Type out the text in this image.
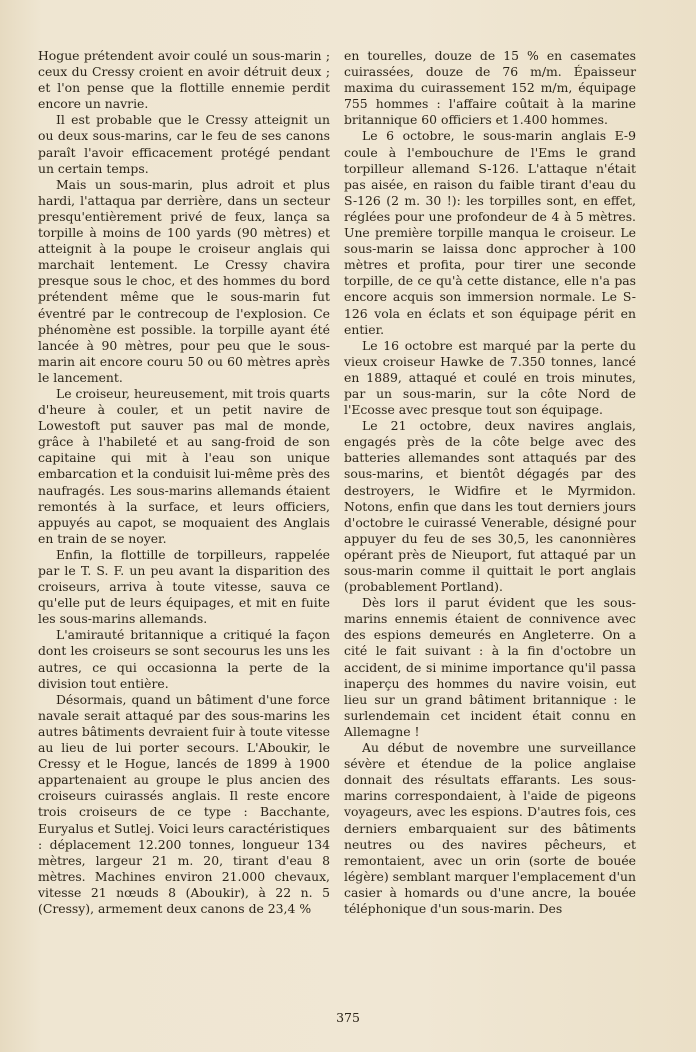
Hogue prétendent avoir coulé un sous-marin ; ceux du Cressy croient en avoir détruit deux ; et l'on pense que la flottille ennemie perdit encore un navrie.

Il est probable que le Cressy atteignit un ou deux sous-marins, car le feu de ses canons paraît l'avoir efficacement protégé pendant un certain temps.

Mais un sous-marin, plus adroit et plus hardi, l'attaqua par derrière, dans un secteur presqu'entièrement privé de feux, lança sa torpille à moins de 100 yards (90 mètres) et atteignit à la poupe le croiseur anglais qui marchait lentement. Le Cressy chavira presque sous le choc, et des hommes du bord prétendent même que le sous-marin fut éventré par le contrecoup de l'explosion. Ce phénomène est possible. la torpille ayant été lancée à 90 mètres, pour peu que le sous-marin ait encore couru 50 ou 60 mètres après le lancement.

Le croiseur, heureusement, mit trois quarts d'heure à couler, et un petit navire de Lowestoft put sauver pas mal de monde, grâce à l'habileté et au sang-froid de son capitaine qui mit à l'eau son unique embarcation et la conduisit lui-même près des naufragés. Les sous-marins allemands étaient remontés à la surface, et leurs officiers, appuyés au capot, se moquaient des Anglais en train de se noyer.

Enfin, la flottille de torpilleurs, rappelée par le T. S. F. un peu avant la disparition des croiseurs, arriva à toute vitesse, sauva ce qu'elle put de leurs équipages, et mit en fuite les sous-marins allemands.

L'amirauté britannique a critiqué la façon dont les croiseurs se sont secourus les uns les autres, ce qui occasionna la perte de la division tout entière.

Désormais, quand un bâtiment d'une force navale serait attaqué par des sous-marins les autres bâtiments devraient fuir à toute vitesse au lieu de lui porter secours. L'Aboukir, le Cressy et le Hogue, lancés de 1899 à 1900 appartenaient au groupe le plus ancien des croiseurs cuirassés anglais. Il reste encore trois croiseurs de ce type : Bacchante, Euryalus et Sutlej. Voici leurs caractéristiques : déplacement 12.200 tonnes, longueur 134 mètres, largeur 21 m. 20, tirant d'eau 8 mètres. Machines environ 21.000 chevaux, vitesse 21 nœuds 8 (Aboukir), à 22 n. 5 (Cressy), armement deux canons de 23,4 %

en tourelles, douze de 15 % en casemates cuirassées, douze de 76 m/m. Épaisseur maxima du cuirassement 152 m/m, équipage 755 hommes : l'affaire coûtait à la marine britannique 60 officiers et 1.400 hommes.

Le 6 octobre, le sous-marin anglais E-9 coule à l'embouchure de l'Ems le grand torpilleur allemand S-126. L'attaque n'était pas aisée, en raison du faible tirant d'eau du S-126 (2 m. 30 !): les torpilles sont, en effet, réglées pour une profondeur de 4 à 5 mètres. Une première torpille manqua le croiseur. Le sous-marin se laissa donc approcher à 100 mètres et profita, pour tirer une seconde torpille, de ce qu'à cette distance, elle n'a pas encore acquis son immersion normale. Le S-126 vola en éclats et son équipage périt en entier.

Le 16 octobre est marqué par la perte du vieux croiseur Hawke de 7.350 tonnes, lancé en 1889, attaqué et coulé en trois minutes, par un sous-marin, sur la côte Nord de l'Ecosse avec presque tout son équipage.

Le 21 octobre, deux navires anglais, engagés près de la côte belge avec des batteries allemandes sont attaqués par des sous-marins, et bientôt dégagés par des destroyers, le Widfire et le Myrmidon. Notons, enfin que dans les tout derniers jours d'octobre le cuirassé Venerable, désigné pour appuyer du feu de ses 30,5, les canonnières opérant près de Nieuport, fut attaqué par un sous-marin comme il quittait le port anglais (probablement Portland).

Dès lors il parut évident que les sous-marins ennemis étaient de connivence avec des espions demeurés en Angleterre. On a cité le fait suivant : à la fin d'octobre un accident, de si minime importance qu'il passa inaperçu des hommes du navire voisin, eut lieu sur un grand bâtiment britannique : le surlendemain cet incident était connu en Allemagne !

Au début de novembre une surveillance sévère et étendue de la police anglaise donnait des résultats effarants. Les sous-marins correspondaient, à l'aide de pigeons voyageurs, avec les espions. D'autres fois, ces derniers embarquaient sur des bâtiments neutres ou des navires pêcheurs, et remontaient, avec un orin (sorte de bouée légère) semblant marquer l'emplacement d'un casier à homards ou d'une ancre, la bouée téléphonique d'un sous-marin. Des

375
